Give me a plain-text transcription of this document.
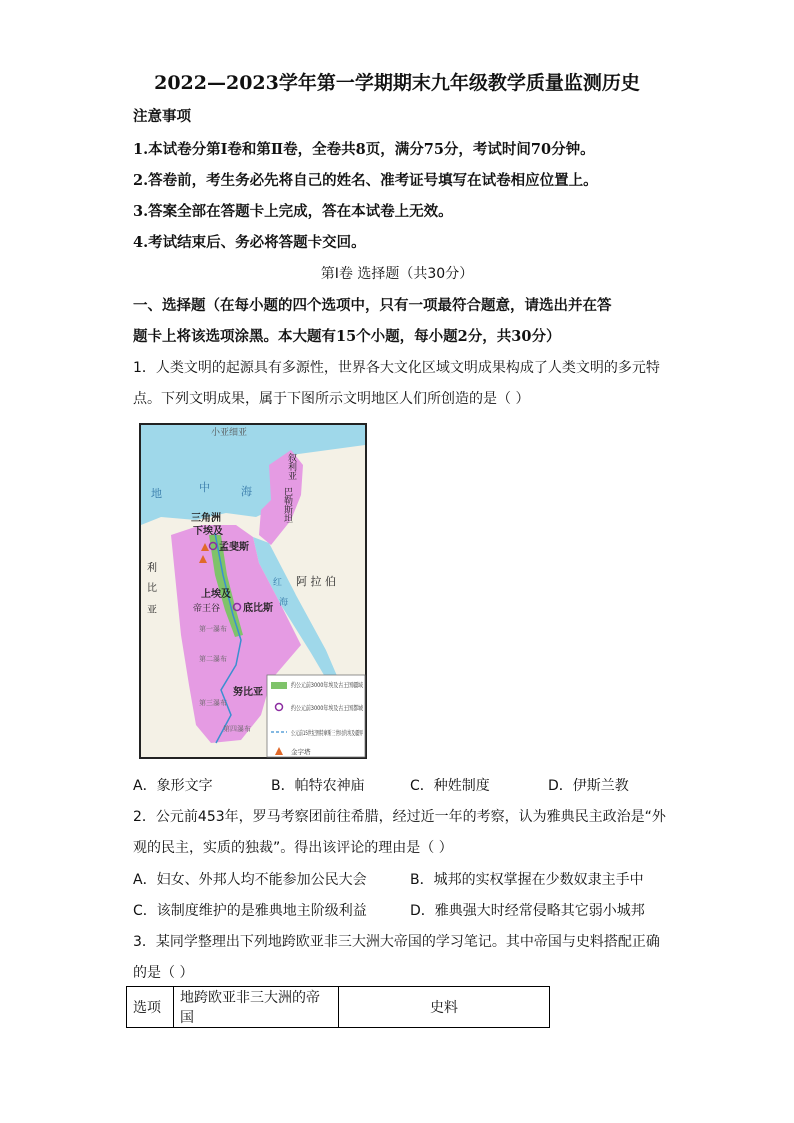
2022—2023学年第一学期期末九年级教学质量监测历史
注意事项
1.本试卷分第Ⅰ卷和第Ⅱ卷，全卷共8页，满分75分，考试时间70分钟。
2.答卷前，考生务必先将自己的姓名、准考证号填写在试卷相应位置上。
3.答案全部在答题卡上完成，答在本试卷上无效。
4.考试结束后、务必将答题卡交回。
第Ⅰ卷 选择题（共30分）
一、选择题（在每小题的四个选项中，只有一项最符合题意，请选出并在答
题卡上将该选项涂黑。本大题有15个小题，每小题2分，共30分）
1．人类文明的起源具有多源性，世界各大文化区域文明成果构成了人类文明的多元特
点。下列文明成果，属于下图所示文明地区人们所创造的是（ ）
小亚细亚
叙利亚
地	中	海	巴勒斯坦
三角洲
下埃及
孟斐斯
利
比
亚
阿 拉 伯
上埃及
帝王谷 底比斯
红
海
第一瀑布
第二瀑布
第三瀑布
第四瀑布
努比亚
约公元前3000年埃及古王国疆域
约公元前3000年埃及古王国都城
公元前15世纪图特摩斯三世时的埃及疆界
金字塔
A．象形文字	B．帕特农神庙	C．种姓制度	D．伊斯兰教
2．公元前453年，罗马考察团前往希腊，经过近一年的考察，认为雅典民主政治是“外
观的民主，实质的独裁”。得出该评论的理由是（ ）
A．妇女、外邦人均不能参加公民大会	B．城邦的实权掌握在少数奴隶主手中
C．该制度维护的是雅典地主阶级利益	D．雅典强大时经常侵略其它弱小城邦
3．某同学整理出下列地跨欧亚非三大洲大帝国的学习笔记。其中帝国与史料搭配正确
的是（ ）
选项	地跨欧亚非三大洲的帝国	史料
